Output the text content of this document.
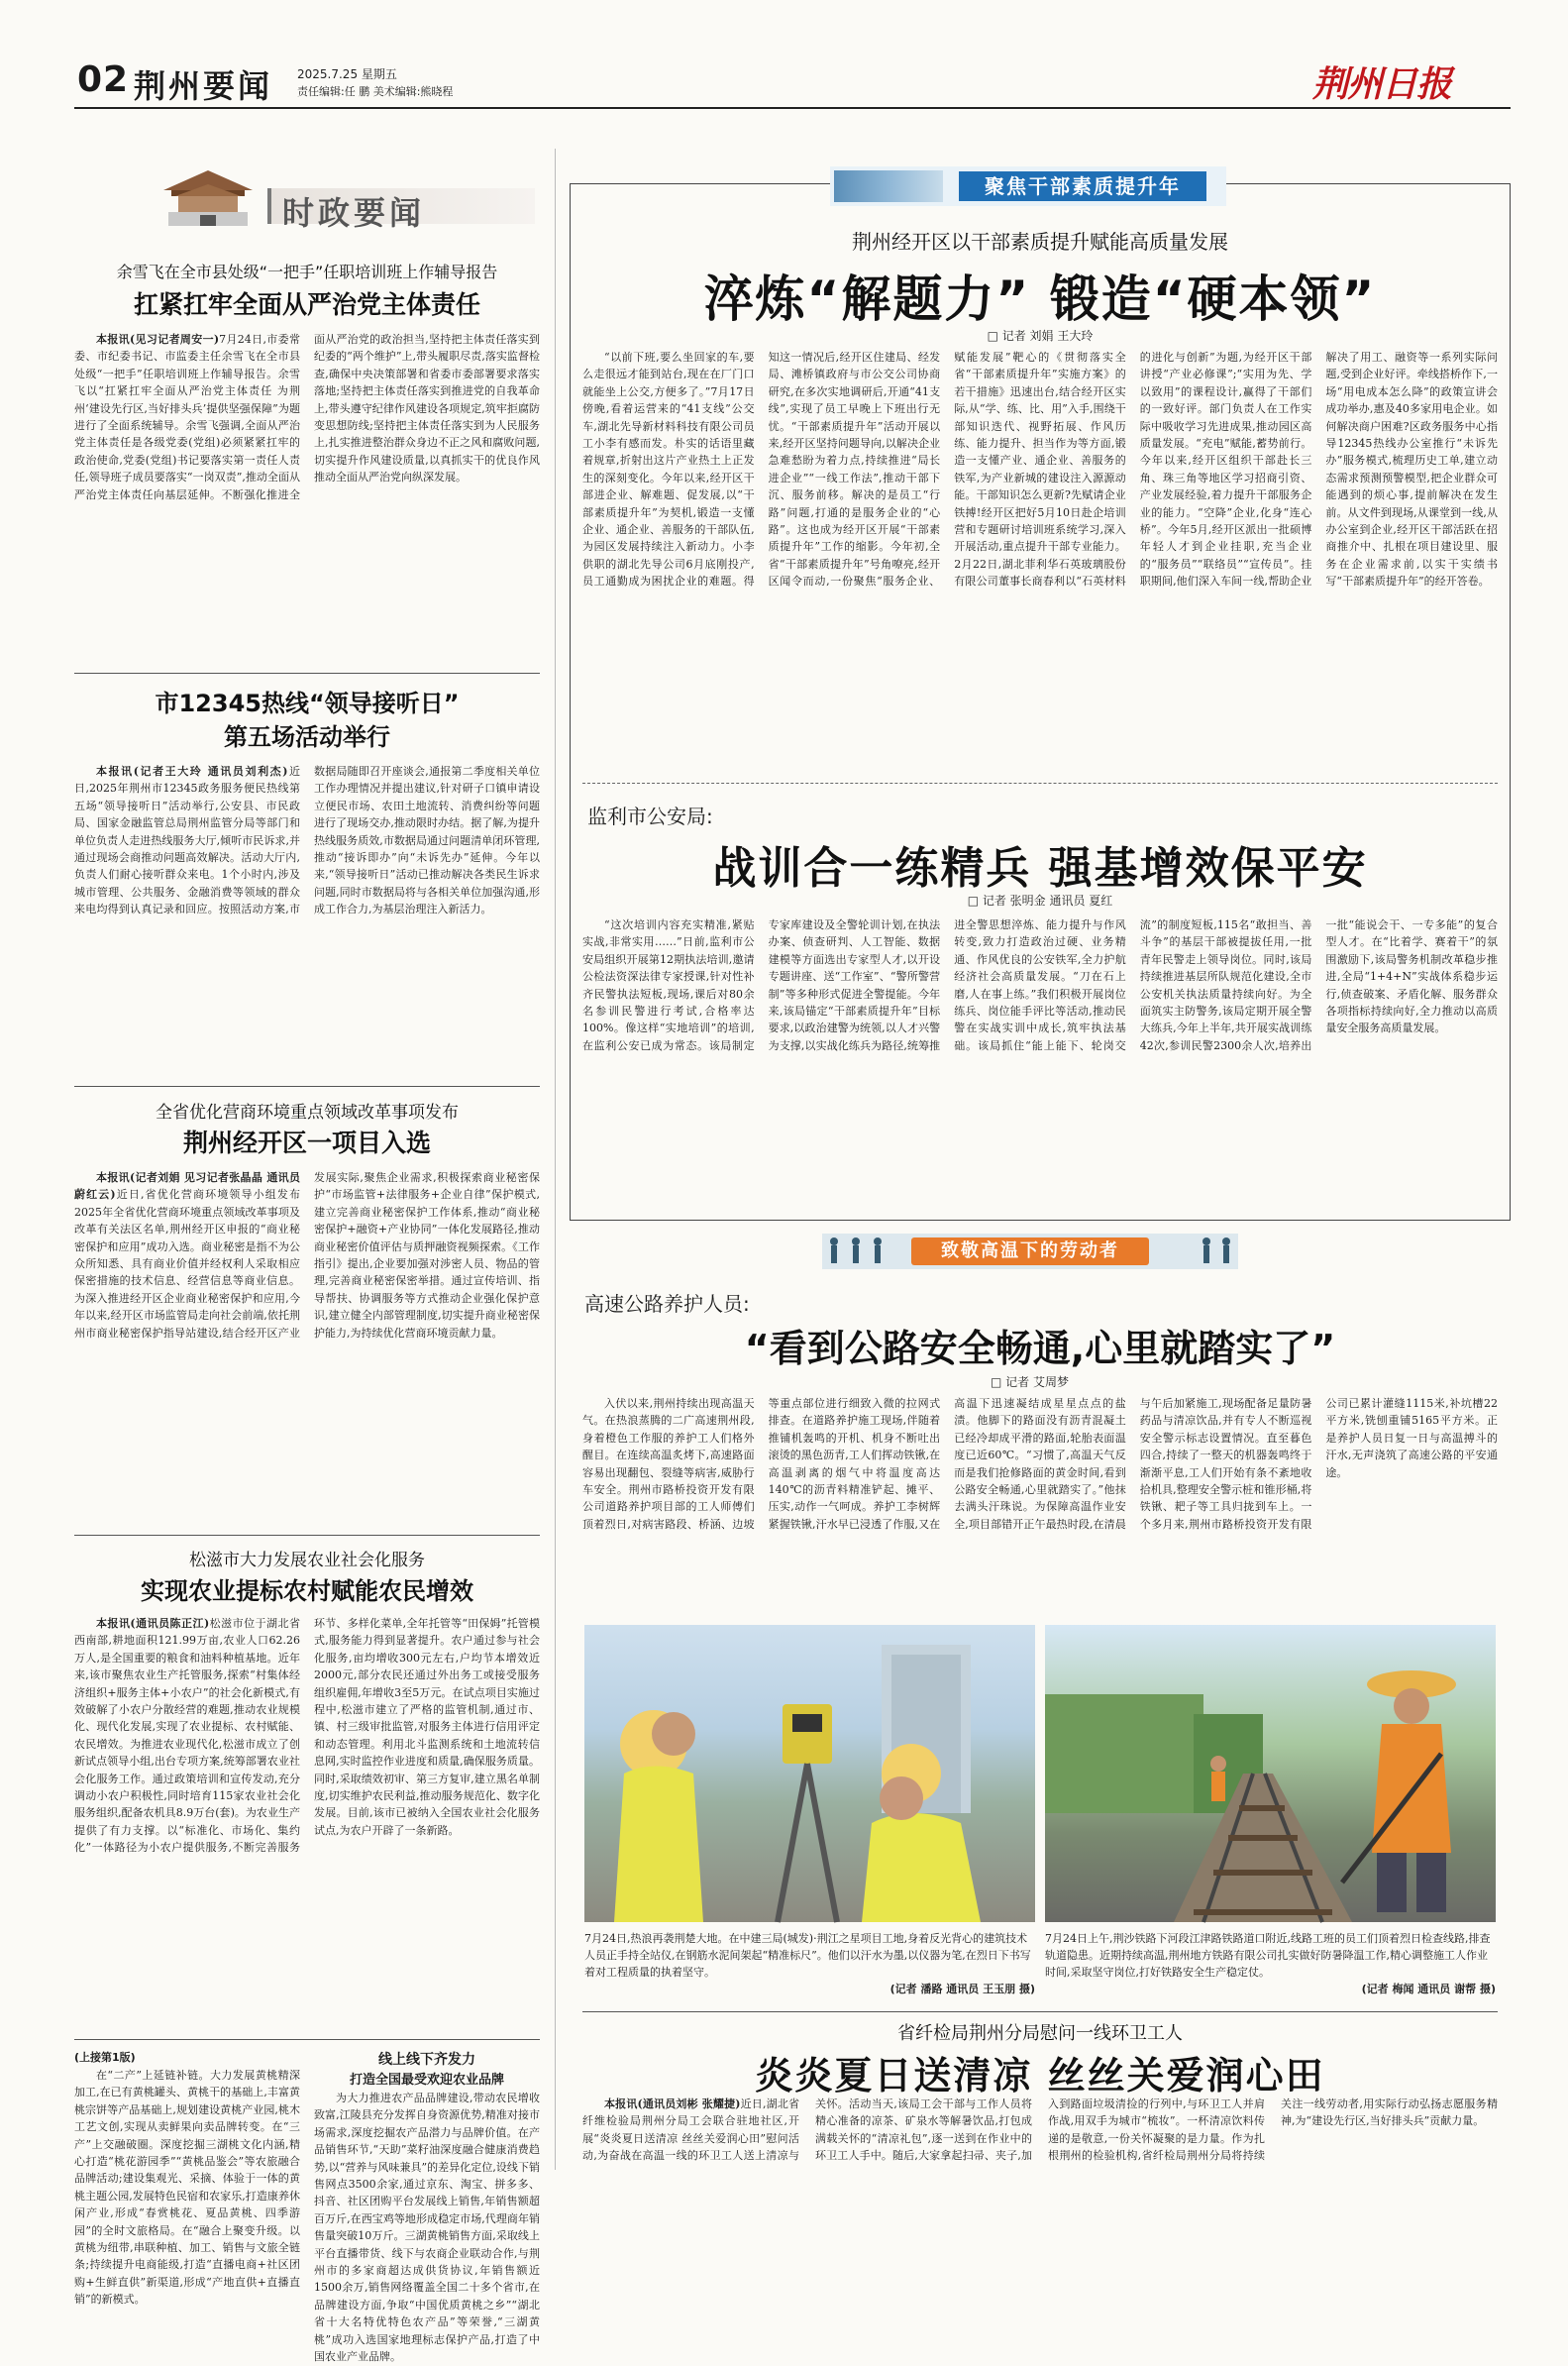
02 荆州要闻 2025.7.25 星期五
责任编辑:任 鹏 美术编辑:熊晓程	荆州日报
时政要闻
余雪飞在全市县处级“一把手”任职培训班上作辅导报告
扛紧扛牢全面从严治党主体责任
本报讯(见习记者周安一)7月24日,市委常委、市纪委书记、市监委主任余雪飞在全市县处级“一把手”任职培训班上作辅导报告。余雪飞以“扛紧扛牢全面从严治党主体责任 为荆州‘建设先行区,当好排头兵’提供坚强保障”为题进行了全面系统辅导。余雪飞强调,全面从严治党主体责任是各级党委(党组)必须紧紧扛牢的政治使命,党委(党组)书记要落实第一责任人责任,领导班子成员要落实“一岗双责”,推动全面从严治党主体责任向基层延伸。不断强化推进全面从严治党的政治担当,坚持把主体责任落实到纪委的“两个维护”上,带头履职尽责,落实监督检查,确保中央决策部署和省委市委部署要求落实落地;坚持把主体责任落实到推进党的自我革命上,带头遵守纪律作风建设各项规定,筑牢拒腐防变思想防线;坚持把主体责任落实到为人民服务上,扎实推进整治群众身边不正之风和腐败问题,切实提升作风建设质量,以真抓实干的优良作风推动全面从严治党向纵深发展。
市12345热线“领导接听日”
第五场活动举行
本报讯(记者王大玲 通讯员刘利杰)近日,2025年荆州市12345政务服务便民热线第五场“领导接听日”活动举行,公安县、市民政局、国家金融监管总局荆州监管分局等部门和单位负责人走进热线服务大厅,倾听市民诉求,并通过现场会商推动问题高效解决。活动大厅内,负责人们耐心接听群众来电。1个小时内,涉及城市管理、公共服务、金融消费等领域的群众来电均得到认真记录和回应。按照活动方案,市数据局随即召开座谈会,通报第二季度相关单位工作办理情况并提出建议,针对研子口镇申请设立便民市场、农田土地流转、消费纠纷等问题进行了现场交办,推动限时办结。据了解,为提升热线服务质效,市数据局通过问题清单闭环管理,推动“接诉即办”向“未诉先办”延伸。今年以来,“领导接听日”活动已推动解决各类民生诉求问题,同时市数据局将与各相关单位加强沟通,形成工作合力,为基层治理注入新活力。
全省优化营商环境重点领域改革事项发布
荆州经开区一项目入选
本报讯(记者刘娟 见习记者张晶晶 通讯员蔚红云)近日,省优化营商环境领导小组发布2025年全省优化营商环境重点领域改革事项及改革有关法区名单,荆州经开区申报的“商业秘密保护和应用”成功入选。商业秘密是指不为公众所知悉、具有商业价值并经权利人采取相应保密措施的技术信息、经营信息等商业信息。为深入推进经开区企业商业秘密保护和应用,今年以来,经开区市场监管局走向社会前端,依托荆州市商业秘密保护指导站建设,结合经开区产业发展实际,聚焦企业需求,积极探索商业秘密保护“市场监管+法律服务+企业自律”保护模式,建立完善商业秘密保护工作体系,推动“商业秘密保护+融资+产业协同”一体化发展路径,推动商业秘密价值评估与质押融资视频探索。《工作指引》提出,企业要加强对涉密人员、物品的管理,完善商业秘密保密举措。通过宣传培训、指导帮扶、协调服务等方式推动企业强化保护意识,建立健全内部管理制度,切实提升商业秘密保护能力,为持续优化营商环境贡献力量。
松滋市大力发展农业社会化服务
实现农业提标农村赋能农民增效
本报讯(通讯员陈正江)松滋市位于湖北省西南部,耕地面积121.99万亩,农业人口62.26万人,是全国重要的粮食和油料种植基地。近年来,该市聚焦农业生产托管服务,探索“村集体经济组织+服务主体+小农户”的社会化新模式,有效破解了小农户分散经营的难题,推动农业规模化、现代化发展,实现了农业提标、农村赋能、农民增效。为推进农业现代化,松滋市成立了创新试点领导小组,出台专项方案,统筹部署农业社会化服务工作。通过政策培训和宣传发动,充分调动小农户积极性,同时培育115家农业社会化服务组织,配备农机具8.9万台(套)。为农业生产提供了有力支撑。以“标准化、市场化、集约化”一体路径为小农户提供服务,不断完善服务环节、多样化菜单,全年托管等“田保姆”托管模式,服务能力得到显著提升。农户通过参与社会化服务,亩均增收300元左右,户均节本增效近2000元,部分农民还通过外出务工或接受服务组织雇佣,年增收3至5万元。在试点项目实施过程中,松滋市建立了严格的监管机制,通过市、镇、村三级审批监管,对服务主体进行信用评定和动态管理。利用北斗监测系统和土地流转信息网,实时监控作业进度和质量,确保服务质量。同时,采取绩效初审、第三方复审,建立黑名单制度,切实维护农民利益,推动服务规范化、数字化发展。目前,该市已被纳入全国农业社会化服务试点,为农户开辟了一条新路。
(上接第1版)
在“二产”上延链补链。大力发展黄桃精深加工,在已有黄桃罐头、黄桃干的基础上,丰富黄桃宗饼等产品基础上,规划建设黄桃产业园,桃木工艺文创,实现从卖鲜果向卖品牌转变。在“三产”上交融破圈。深度挖掘三湖桃文化内涵,精心打造“桃花游园季”“黄桃品鉴会”等农旅融合品牌活动;建设集观光、采摘、体验于一体的黄桃主题公园,发展特色民宿和农家乐,打造康养休闲产业,形成“春赏桃花、夏品黄桃、四季游园”的全时文旅格局。在“融合上聚变升级。以黄桃为纽带,串联种植、加工、销售与文旅全链条;持续提升电商能级,打造“直播电商+社区团购+生鲜直供”新渠道,形成“产地直供+直播直销”的新模式。
线上线下齐发力
打造全国最受欢迎农业品牌
为大力推进农产品品牌建设,带动农民增收致富,江陵县充分发挥自身资源优势,精准对接市场需求,深度挖掘农产品潜力与品牌价值。在产品销售环节,“天助”菜籽油深度融合健康消费趋势,以“营养与风味兼具”的差异化定位,设线下销售网点3500余家,通过京东、淘宝、拼多多、抖音、社区团购平台发展线上销售,年销售额超百万斤,在西宝鸡等地形成稳定市场,代理商年销售量突破10万斤。三湖黄桃销售方面,采取线上平台直播带货、线下与农商企业联动合作,与荆州市的多家商超达成供货协议,年销售额近1500余万,销售网络覆盖全国二十多个省市,在品牌建设方面,争取“中国优质黄桃之乡”“湖北省十大名特优特色农产品”等荣誉,“三湖黄桃”成功入选国家地理标志保护产品,打造了中国农业产业品牌。
聚焦干部素质提升年
荆州经开区以干部素质提升赋能高质量发展
淬炼“解题力” 锻造“硬本领”
□ 记者 刘娟 王大玲
“以前下班,要么坐回家的车,要么走很远才能到站台,现在在厂门口就能坐上公交,方便多了。”7月17日傍晚,看着运营来的“41支线”公交车,湖北先导新材料科技有限公司员工小李有感而发。朴实的话语里藏着规章,折射出这片产业热土上正发生的深刻变化。今年以来,经开区干部进企业、解难题、促发展,以“干部素质提升年”为契机,锻造一支懂企业、通企业、善服务的干部队伍,为园区发展持续注入新动力。小李供职的湖北先导公司6月底刚投产,员工通勤成为困扰企业的难题。得知这一情况后,经开区住建局、经发局、滩桥镇政府与市公交公司协商研究,在多次实地调研后,开通“41支线”,实现了员工早晚上下班出行无忧。“干部素质提升年”活动开展以来,经开区坚持问题导向,以解决企业急难愁盼为着力点,持续推进“局长进企业”“一线工作法”,推动干部下沉、服务前移。解决的是员工“行路”问题,打通的是服务企业的“心路”。这也成为经开区开展“干部素质提升年”工作的缩影。今年初,全省“干部素质提升年”号角嘹亮,经开区闻令而动,一份聚焦“服务企业、赋能发展”靶心的《贯彻落实全省“干部素质提升年”实施方案》的若干措施》迅速出台,结合经开区实际,从“学、练、比、用”入手,围绕干部知识迭代、视野拓展、作风历练、能力提升、担当作为等方面,锻造一支懂产业、通企业、善服务的铁军,为产业新城的建设注入源源动能。干部知识怎么更新?先赋请企业铁搏!经开区把好5月10日赴企培训营和专题研讨培训班系统学习,深入开展活动,重点提升干部专业能力。2月22日,湖北菲利华石英玻璃股份有限公司董事长商春利以“石英材料的进化与创新”为题,为经开区干部讲授“产业必修课”;“实用为先、学以致用”的课程设计,赢得了干部们的一致好评。部门负责人在工作实际中吸收学习先进成果,推动园区高质量发展。“充电”赋能,蓄势前行。今年以来,经开区组织干部赴长三角、珠三角等地区学习招商引资、产业发展经验,着力提升干部服务企业的能力。“空降”企业,化身“连心桥”。今年5月,经开区派出一批硕博年轻人才到企业挂职,充当企业的“服务员”“联络员”“宣传员”。挂职期间,他们深入车间一线,帮助企业解决了用工、融资等一系列实际问题,受到企业好评。牵线搭桥作下,一场“用电成本怎么降”的政策宣讲会成功举办,惠及40多家用电企业。如何解决商户困难?区政务服务中心指导12345热线办公室推行“未诉先办”服务模式,梳理历史工单,建立动态需求预测预警模型,把企业群众可能遇到的烦心事,提前解决在发生前。从文件到现场,从课堂到一线,从办公室到企业,经开区干部活跃在招商推介中、扎根在项目建设里、服务在企业需求前,以实干实绩书写“干部素质提升年”的经开答卷。
监利市公安局:
战训合一练精兵 强基增效保平安
□ 记者 张明金 通讯员 夏红
“这次培训内容充实精准,紧贴实战,非常实用……”日前,监利市公安局组织开展第12期执法培训,邀请公检法资深法律专家授课,针对性补齐民警执法短板,现场,课后对80余名参训民警进行考试,合格率达100%。像这样“实地培训”的培训,在监利公安已成为常态。该局制定专家库建设及全警轮训计划,在执法办案、侦查研判、人工智能、数据建模等方面选出专家型人才,以开设专题讲座、送“工作室”、“警所警营制”等多种形式促进全警提能。今年来,该局锚定“干部素质提升年”目标要求,以政治建警为统领,以人才兴警为支撑,以实战化练兵为路径,统筹推进全警思想淬炼、能力提升与作风转变,致力打造政治过硬、业务精通、作风优良的公安铁军,全力护航经济社会高质量发展。“刀在石上磨,人在事上练。”我们积极开展岗位练兵、岗位能手评比等活动,推动民警在实战实训中成长,筑牢执法基础。该局抓住“能上能下、轮岗交流”的制度短板,115名“敢担当、善斗争”的基层干部被提拔任用,一批青年民警走上领导岗位。同时,该局持续推进基层所队规范化建设,全市公安机关执法质量持续向好。为全面筑实主防警务,该局定期开展全警大练兵,今年上半年,共开展实战训练42次,参训民警2300余人次,培养出一批“能说会干、一专多能”的复合型人才。在“比着学、赛着干”的氛围激励下,该局警务机制改革稳步推进,全局“1+4+N”实战体系稳步运行,侦查破案、矛盾化解、服务群众各项指标持续向好,全力推动以高质量安全服务高质量发展。
致敬高温下的劳动者
高速公路养护人员:
“看到公路安全畅通,心里就踏实了”
□ 记者 艾周梦
入伏以来,荆州持续出现高温天气。在热浪蒸腾的二广高速荆州段,身着橙色工作服的养护工人们格外醒目。在连续高温炙烤下,高速路面容易出现翻包、裂缝等病害,威胁行车安全。荆州市路桥投资开发有限公司道路养护项目部的工人师傅们顶着烈日,对病害路段、桥涵、边坡等重点部位进行细致入微的拉网式排查。在道路养护施工现场,伴随着推铺机轰鸣的开机、机身不断吐出滚烫的黑色沥青,工人们挥动铁锹,在高温剥离的烟气中将温度高达140℃的沥青料精准铲起、摊平、压实,动作一气呵成。养护工李树辉紧握铁锹,汗水早已浸透了作服,又在高温下迅速凝结成星星点点的盐渍。他脚下的路面没有沥青混凝土已经冷却成平滑的路面,轮胎表面温度已近60℃。“习惯了,高温天气反而是我们抢修路面的黄金时间,看到公路安全畅通,心里就踏实了。”他抹去满头汗珠说。为保障高温作业安全,项目部错开正午最热时段,在清晨与午后加紧施工,现场配备足量防暑药品与清凉饮品,并有专人不断巡视安全警示标志设置情况。直至暮色四合,持续了一整天的机器轰鸣终于渐渐平息,工人们开始有条不紊地收拾机具,整理安全警示桩和锥形桶,将铁锹、耙子等工具归拢到车上。一个多月来,荆州市路桥投资开发有限公司已累计灌缝1115米,补坑槽22平方米,铣刨重铺5165平方米。正是养护人员日复一日与高温搏斗的汗水,无声浇筑了高速公路的平安通途。
7月24日,热浪再袭荆楚大地。在中建三局(城发)·荆江之星项目工地,身着反光背心的建筑技术人员正手持全站仪,在钢筋水泥间架起“精准标尺”。他们以汗水为墨,以仪器为笔,在烈日下书写着对工程质量的执着坚守。
(记者 潘路 通讯员 王玉朋 摄)
7月24日上午,荆沙铁路下河段江津路铁路道口附近,线路工班的员工们顶着烈日检查线路,排查轨道隐患。近期持续高温,荆州地方铁路有限公司扎实做好防暑降温工作,精心调整施工人作业时间,采取坚守岗位,打好铁路安全生产稳定仗。
(记者 梅闻 通讯员 谢帮 摄)
省纤检局荆州分局慰问一线环卫工人
炎炎夏日送清凉 丝丝关爱润心田
本报讯(通讯员刘彬 张耀捷)近日,湖北省纤维检验局荆州分局工会联合驻地社区,开展“炎炎夏日送清凉 丝丝关爱润心田”慰问活动,为奋战在高温一线的环卫工人送上清凉与关怀。活动当天,该局工会干部与工作人员将精心准备的凉茶、矿泉水等解暑饮品,打包成满载关怀的“清凉礼包”,逐一送到在作业中的环卫工人手中。随后,大家拿起扫帚、夹子,加入到路面垃圾清捡的行列中,与环卫工人并肩作战,用双手为城市“梳妆”。一杯清凉饮料传递的是敬意,一份关怀凝聚的是力量。作为扎根荆州的检验机构,省纤检局荆州分局将持续关注一线劳动者,用实际行动弘扬志愿服务精神,为“建设先行区,当好排头兵”贡献力量。
